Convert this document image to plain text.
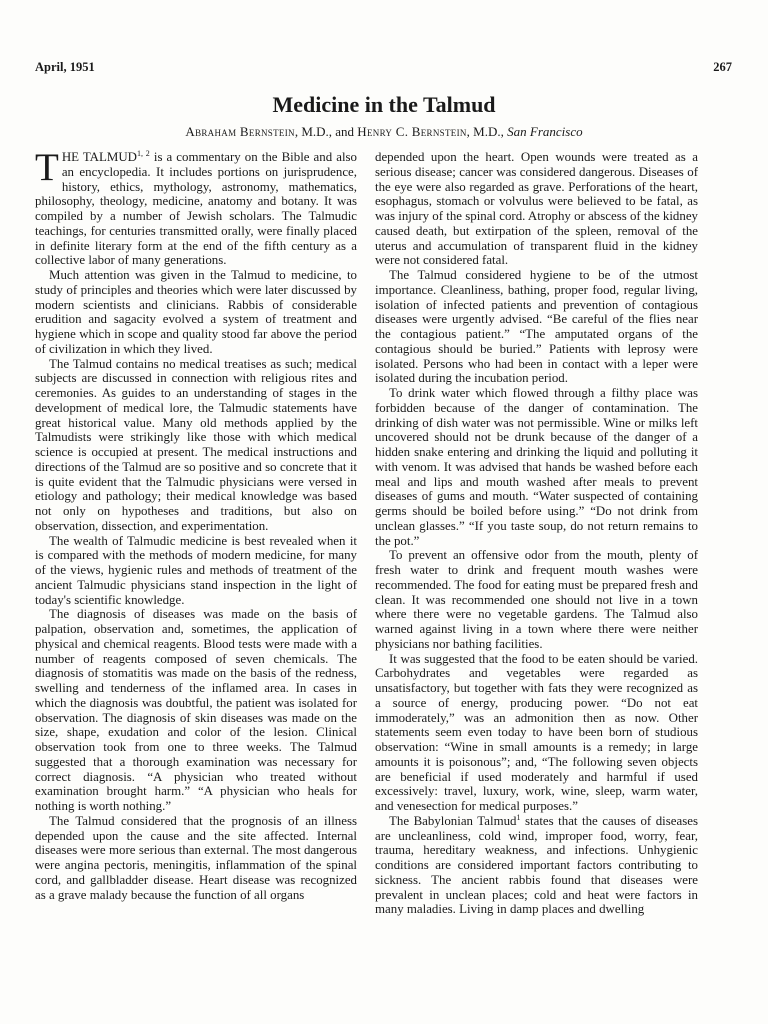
April, 1951	267
Medicine in the Talmud
Abraham Bernstein, M.D., and Henry C. Bernstein, M.D., San Francisco

THE TALMUD$^{1, 2}$ is a commentary on the Bible and also an encyclopedia. It includes portions on jurisprudence, history, ethics, mythology, astronomy, mathematics, philosophy, theology, medicine, anatomy and botany. It was compiled by a number of Jewish scholars. The Talmudic teachings, for centuries transmitted orally, were finally placed in definite literary form at the end of the fifth century as a collective labor of many generations.

Much attention was given in the Talmud to medicine, to study of principles and theories which were later discussed by modern scientists and clinicians. Rabbis of considerable erudition and sagacity evolved a system of treatment and hygiene which in scope and quality stood far above the period of civilization in which they lived.

The Talmud contains no medical treatises as such; medical subjects are discussed in connection with religious rites and ceremonies. As guides to an understanding of stages in the development of medical lore, the Talmudic statements have great historical value. Many old methods applied by the Talmudists were strikingly like those with which medical science is occupied at present. The medical instructions and directions of the Talmud are so positive and so concrete that it is quite evident that the Talmudic physicians were versed in etiology and pathology; their medical knowledge was based not only on hypotheses and traditions, but also on observation, dissection, and experimentation.

The wealth of Talmudic medicine is best revealed when it is compared with the methods of modern medicine, for many of the views, hygienic rules and methods of treatment of the ancient Talmudic physicians stand inspection in the light of today's scientific knowledge.

The diagnosis of diseases was made on the basis of palpation, observation and, sometimes, the application of physical and chemical reagents. Blood tests were made with a number of reagents composed of seven chemicals. The diagnosis of stomatitis was made on the basis of the redness, swelling and tenderness of the inflamed area. In cases in which the diagnosis was doubtful, the patient was isolated for observation. The diagnosis of skin diseases was made on the size, shape, exudation and color of the lesion. Clinical observation took from one to three weeks. The Talmud suggested that a thorough examination was necessary for correct diagnosis. “A physician who treated without examination brought harm.” “A physician who heals for nothing is worth nothing.”

The Talmud considered that the prognosis of an illness depended upon the cause and the site affected. Internal diseases were more serious than external. The most dangerous were angina pectoris, meningitis, inflammation of the spinal cord, and gallbladder disease. Heart disease was recognized as a grave malady because the function of all organs

depended upon the heart. Open wounds were treated as a serious disease; cancer was considered dangerous. Diseases of the eye were also regarded as grave. Perforations of the heart, esophagus, stomach or volvulus were believed to be fatal, as was injury of the spinal cord. Atrophy or abscess of the kidney caused death, but extirpation of the spleen, removal of the uterus and accumulation of transparent fluid in the kidney were not considered fatal.

The Talmud considered hygiene to be of the utmost importance. Cleanliness, bathing, proper food, regular living, isolation of infected patients and prevention of contagious diseases were urgently advised. “Be careful of the flies near the contagious patient.” “The amputated organs of the contagious should be buried.” Patients with leprosy were isolated. Persons who had been in contact with a leper were isolated during the incubation period.

To drink water which flowed through a filthy place was forbidden because of the danger of contamination. The drinking of dish water was not permissible. Wine or milks left uncovered should not be drunk because of the danger of a hidden snake entering and drinking the liquid and polluting it with venom. It was advised that hands be washed before each meal and lips and mouth washed after meals to prevent diseases of gums and mouth. “Water suspected of containing germs should be boiled before using.” “Do not drink from unclean glasses.” “If you taste soup, do not return remains to the pot.”

To prevent an offensive odor from the mouth, plenty of fresh water to drink and frequent mouth washes were recommended. The food for eating must be prepared fresh and clean. It was recommended one should not live in a town where there were no vegetable gardens. The Talmud also warned against living in a town where there were neither physicians nor bathing facilities.

It was suggested that the food to be eaten should be varied. Carbohydrates and vegetables were regarded as unsatisfactory, but together with fats they were recognized as a source of energy, producing power. “Do not eat immoderately,” was an admonition then as now. Other statements seem even today to have been born of studious observation: “Wine in small amounts is a remedy; in large amounts it is poisonous”; and, “The following seven objects are beneficial if used moderately and harmful if used excessively: travel, luxury, work, wine, sleep, warm water, and venesection for medical purposes.”

The Babylonian Talmud$^1$ states that the causes of diseases are uncleanliness, cold wind, improper food, worry, fear, trauma, hereditary weakness, and infections. Unhygienic conditions are considered important factors contributing to sickness. The ancient rabbis found that diseases were prevalent in unclean places; cold and heat were factors in many maladies. Living in damp places and dwelling
